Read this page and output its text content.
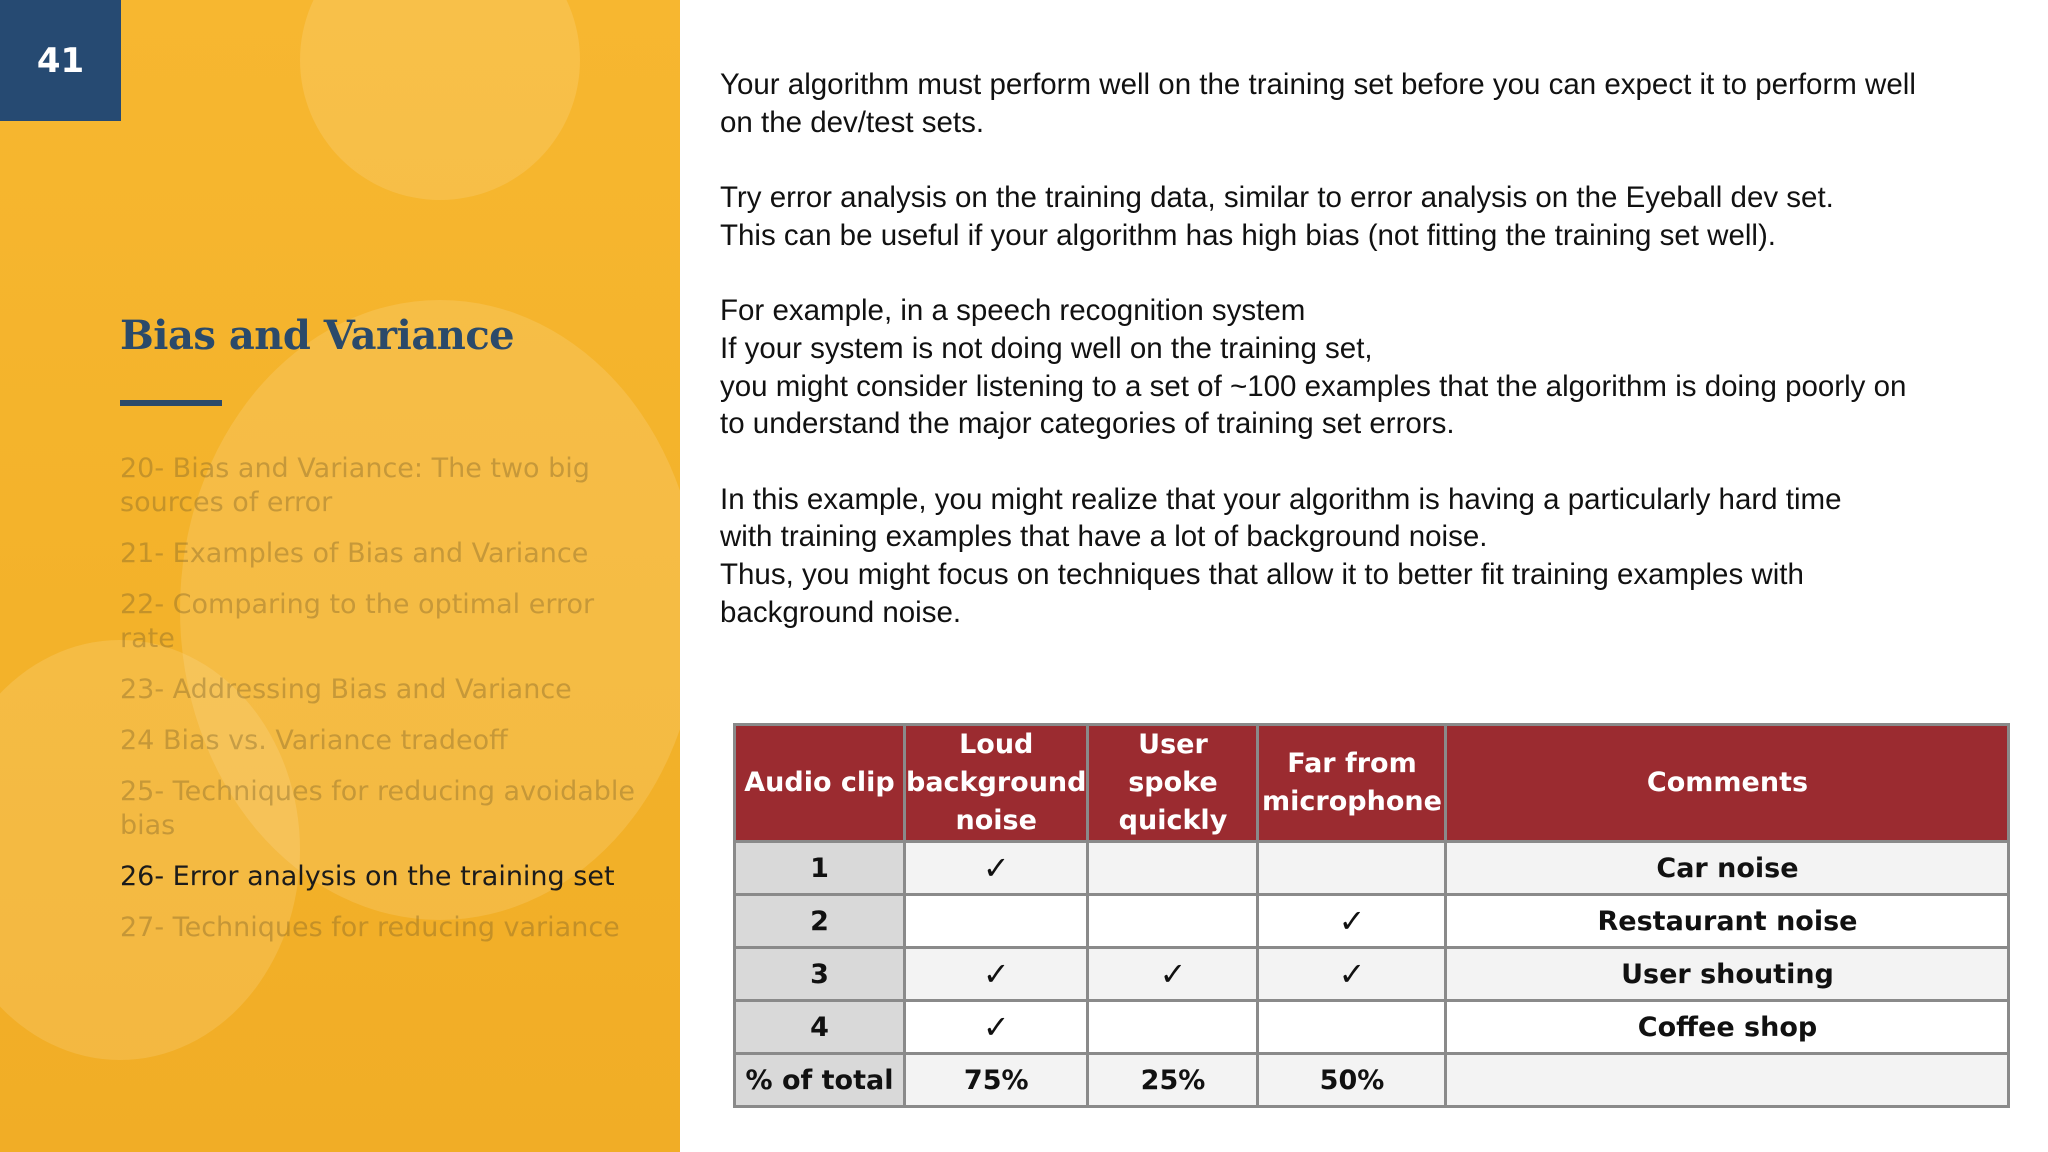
41
Bias and Variance
20- Bias and Variance: The two big sources of error
21- Examples of Bias and Variance
22- Comparing to the optimal error rate
23- Addressing Bias and Variance
24 Bias vs. Variance tradeoff
25- Techniques for reducing avoidable bias
26- Error analysis on the training set
27- Techniques for reducing variance

Your algorithm must perform well on the training set before you can expect it to perform well
on the dev/test sets.

Try error analysis on the training data, similar to error analysis on the Eyeball dev set.
This can be useful if your algorithm has high bias (not fitting the training set well).

For example, in a speech recognition system
If your system is not doing well on the training set,
you might consider listening to a set of ~100 examples that the algorithm is doing poorly on
to understand the major categories of training set errors.

In this example, you might realize that your algorithm is having a particularly hard time
with training examples that have a lot of background noise.
Thus, you might focus on techniques that allow it to better fit training examples with
background noise.

Audio clip	Loud background noise	User spoke quickly	Far from microphone	Comments
1	✓			Car noise
2			✓	Restaurant noise
3	✓	✓	✓	User shouting
4	✓			Coffee shop
% of total	75%	25%	50%	
